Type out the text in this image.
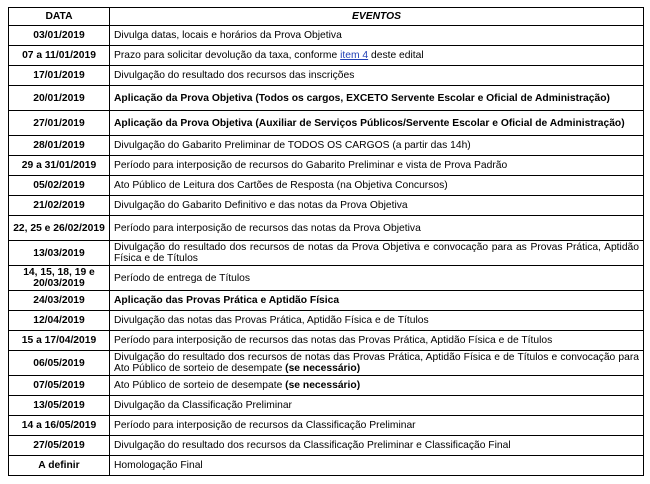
DATA	EVENTOS
03/01/2019	Divulga datas, locais e horários da Prova Objetiva
07 a 11/01/2019	Prazo para solicitar devolução da taxa, conforme item 4 deste edital
17/01/2019	Divulgação do resultado dos recursos das inscrições
20/01/2019	Aplicação da Prova Objetiva (Todos os cargos, EXCETO Servente Escolar e Oficial de Administração)
27/01/2019	Aplicação da Prova Objetiva (Auxiliar de Serviços Públicos/Servente Escolar e Oficial de Administração)
28/01/2019	Divulgação do Gabarito Preliminar de TODOS OS CARGOS (a partir das 14h)
29 a 31/01/2019	Período para interposição de recursos do Gabarito Preliminar e vista de Prova Padrão
05/02/2019	Ato Público de Leitura dos Cartões de Resposta (na Objetiva Concursos)
21/02/2019	Divulgação do Gabarito Definitivo e das notas da Prova Objetiva
22, 25 e 26/02/2019	Período para interposição de recursos das notas da Prova Objetiva
13/03/2019	Divulgação do resultado dos recursos de notas da Prova Objetiva e convocação para as Provas Prática, Aptidão Física e de Títulos
14, 15, 18, 19 e 20/03/2019	Período de entrega de Títulos
24/03/2019	Aplicação das Provas Prática e Aptidão Física
12/04/2019	Divulgação das notas das Provas Prática, Aptidão Física e de Títulos
15 a 17/04/2019	Período para interposição de recursos das notas das Provas Prática, Aptidão Física e de Títulos
06/05/2019	Divulgação do resultado dos recursos de notas das Provas Prática, Aptidão Física e de Títulos e convocação para Ato Público de sorteio de desempate (se necessário)
07/05/2019	Ato Público de sorteio de desempate (se necessário)
13/05/2019	Divulgação da Classificação Preliminar
14 a 16/05/2019	Período para interposição de recursos da Classificação Preliminar
27/05/2019	Divulgação do resultado dos recursos da Classificação Preliminar e Classificação Final
A definir	Homologação Final
